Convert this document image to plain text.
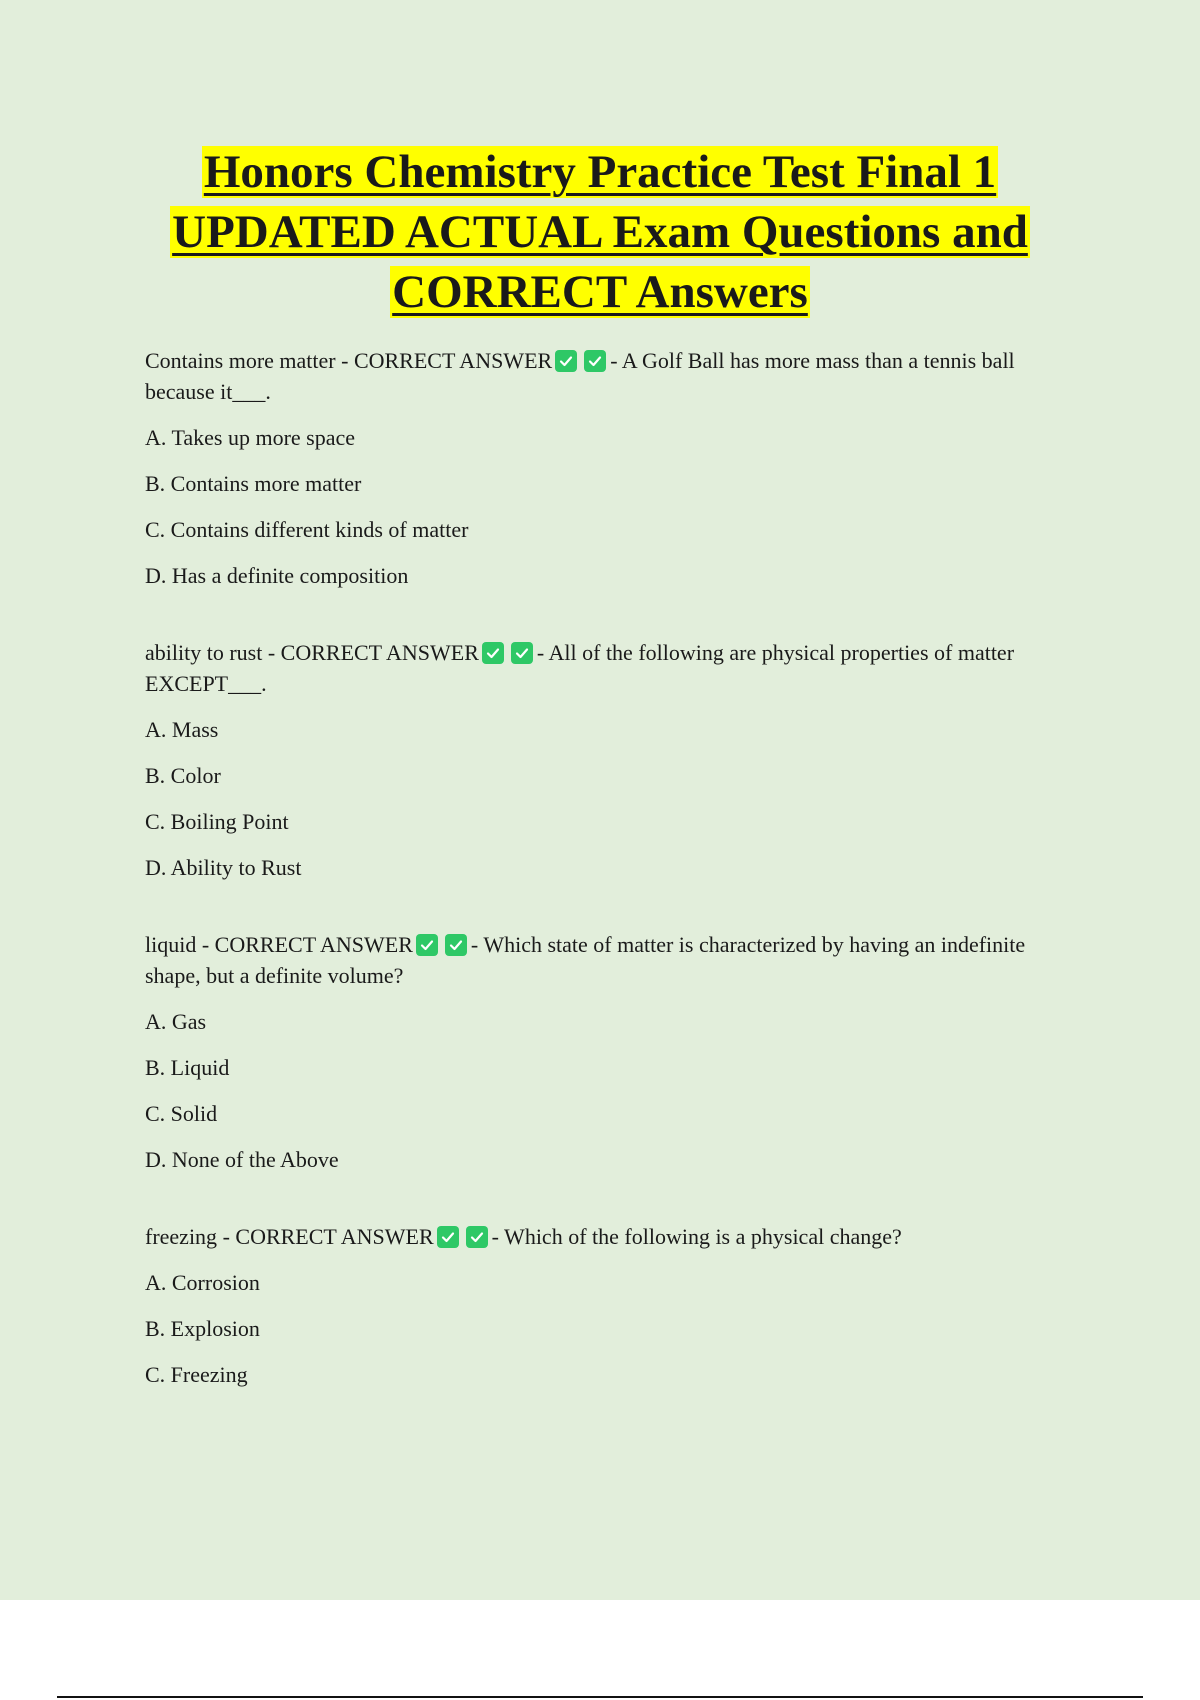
Honors Chemistry Practice Test Final 1
UPDATED ACTUAL Exam Questions and
CORRECT Answers
Contains more matter - CORRECT ANSWER	- A Golf Ball has more mass than a tennis ball because it___.
A. Takes up more space
B. Contains more matter
C. Contains different kinds of matter
D. Has a definite composition
ability to rust - CORRECT ANSWER	- All of the following are physical properties of matter EXCEPT___.
A. Mass
B. Color
C. Boiling Point
D. Ability to Rust
liquid - CORRECT ANSWER	- Which state of matter is characterized by having an indefinite shape, but a definite volume?
A. Gas
B. Liquid
C. Solid
D. None of the Above
freezing - CORRECT ANSWER	- Which of the following is a physical change?
A. Corrosion
B. Explosion
C. Freezing
